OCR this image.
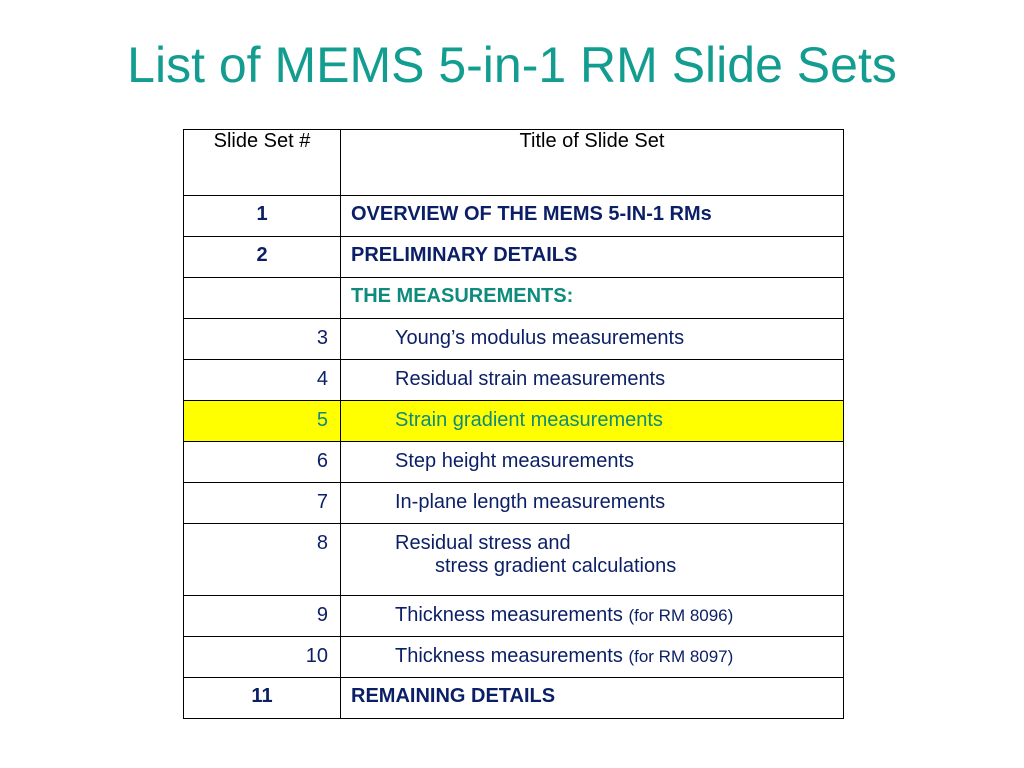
List of MEMS 5-in-1 RM Slide Sets
Slide Set #	Title of Slide Set
1	OVERVIEW OF THE MEMS 5-IN-1 RMs
2	PRELIMINARY DETAILS
	THE MEASUREMENTS:
3	Young’s modulus measurements
4	Residual strain measurements
5	Strain gradient measurements
6	Step height measurements
7	In-plane length measurements
8	Residual stress and
stress gradient calculations

9	Thickness measurements (for RM 8096)
10	Thickness measurements (for RM 8097)
11	REMAINING DETAILS
